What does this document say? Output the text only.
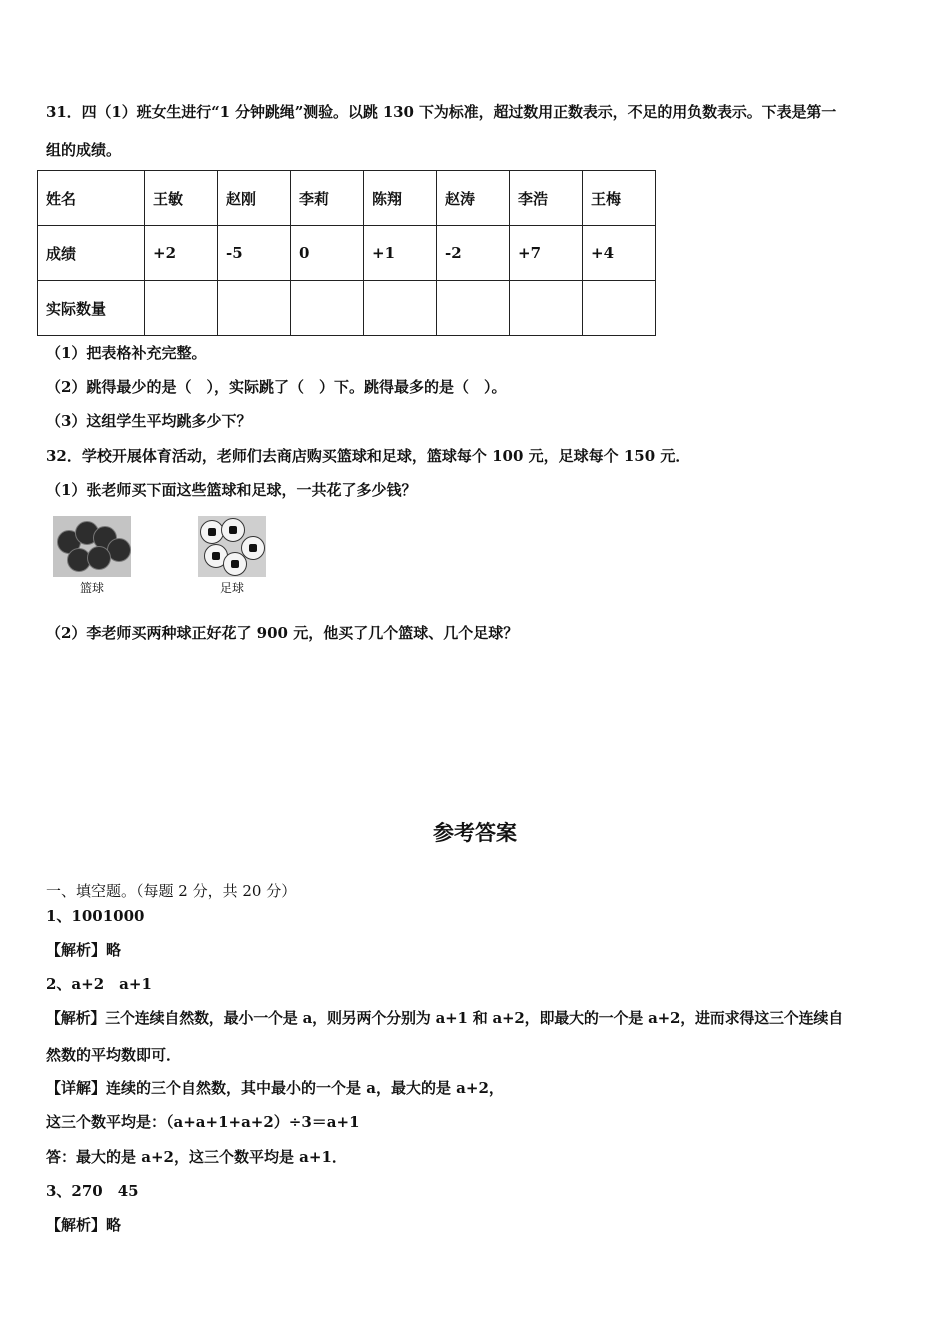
31．四（1）班女生进行“1 分钟跳绳”测验。以跳 130 下为标准，超过数用正数表示，不足的用负数表示。下表是第一
组的成绩。
姓名	王敏	赵刚	李莉	陈翔	赵涛	李浩	王梅
成绩	+2	-5	0	+1	-2	+7	+4
实际数量							
（1）把表格补充完整。
（2）跳得最少的是（　），实际跳了（　）下。跳得最多的是（　）。
（3）这组学生平均跳多少下？
32．学校开展体育活动，老师们去商店购买篮球和足球，篮球每个 100 元，足球每个 150 元．
（1）张老师买下面这些篮球和足球，一共花了多少钱？
篮球	足球
（2）李老师买两种球正好花了 900 元，他买了几个篮球、几个足球？
参考答案
一、填空题。（每题 2 分，共 20 分）
1、1001000
【解析】略
2、a+2　a+1
【解析】三个连续自然数，最小一个是 a，则另两个分别为 a+1 和 a+2，即最大的一个是 a+2，进而求得这三个连续自
然数的平均数即可．
【详解】连续的三个自然数，其中最小的一个是 a，最大的是 a+2，
这三个数平均是：（a+a+1+a+2）÷3＝a+1
答：最大的是 a+2，这三个数平均是 a+1．
3、270　45
【解析】略
